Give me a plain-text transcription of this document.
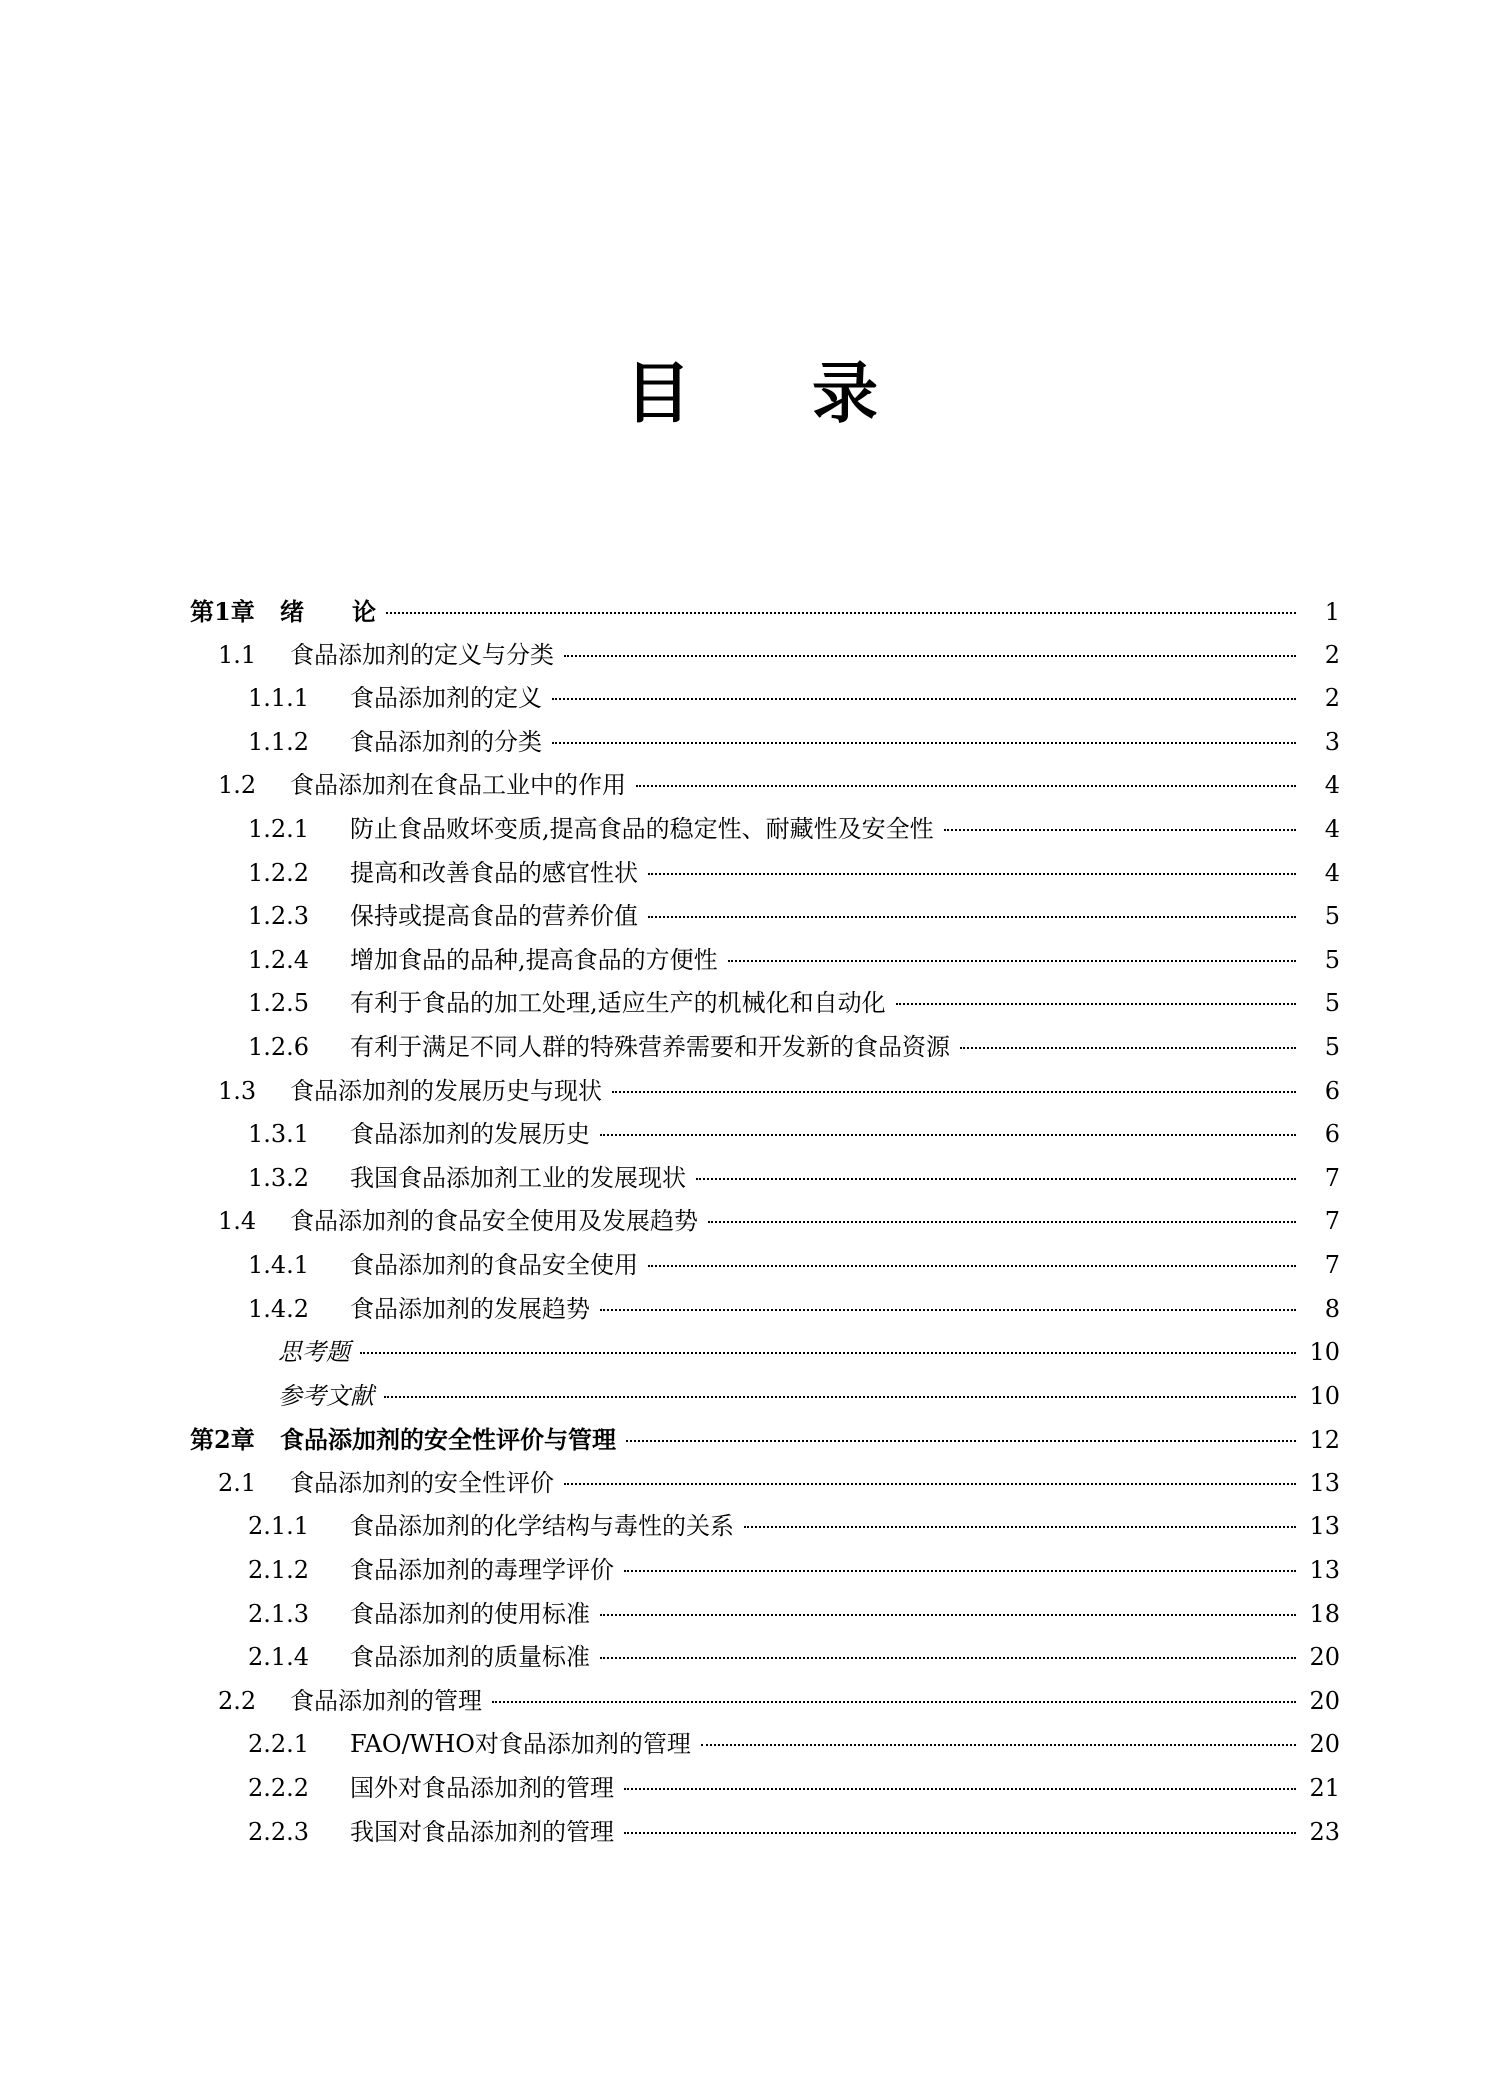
目 录
第1章	绪　　论	1
1.1	食品添加剂的定义与分类	2
1.1.1	食品添加剂的定义	2
1.1.2	食品添加剂的分类	3
1.2	食品添加剂在食品工业中的作用	4
1.2.1	防止食品败坏变质,提高食品的稳定性、耐藏性及安全性	4
1.2.2	提高和改善食品的感官性状	4
1.2.3	保持或提高食品的营养价值	5
1.2.4	增加食品的品种,提高食品的方便性	5
1.2.5	有利于食品的加工处理,适应生产的机械化和自动化	5
1.2.6	有利于满足不同人群的特殊营养需要和开发新的食品资源	5
1.3	食品添加剂的发展历史与现状	6
1.3.1	食品添加剂的发展历史	6
1.3.2	我国食品添加剂工业的发展现状	7
1.4	食品添加剂的食品安全使用及发展趋势	7
1.4.1	食品添加剂的食品安全使用	7
1.4.2	食品添加剂的发展趋势	8
思考题	10
参考文献	10
第2章	食品添加剂的安全性评价与管理	12
2.1	食品添加剂的安全性评价	13
2.1.1	食品添加剂的化学结构与毒性的关系	13
2.1.2	食品添加剂的毒理学评价	13
2.1.3	食品添加剂的使用标准	18
2.1.4	食品添加剂的质量标准	20
2.2	食品添加剂的管理	20
2.2.1	FAO/WHO对食品添加剂的管理	20
2.2.2	国外对食品添加剂的管理	21
2.2.3	我国对食品添加剂的管理	23
